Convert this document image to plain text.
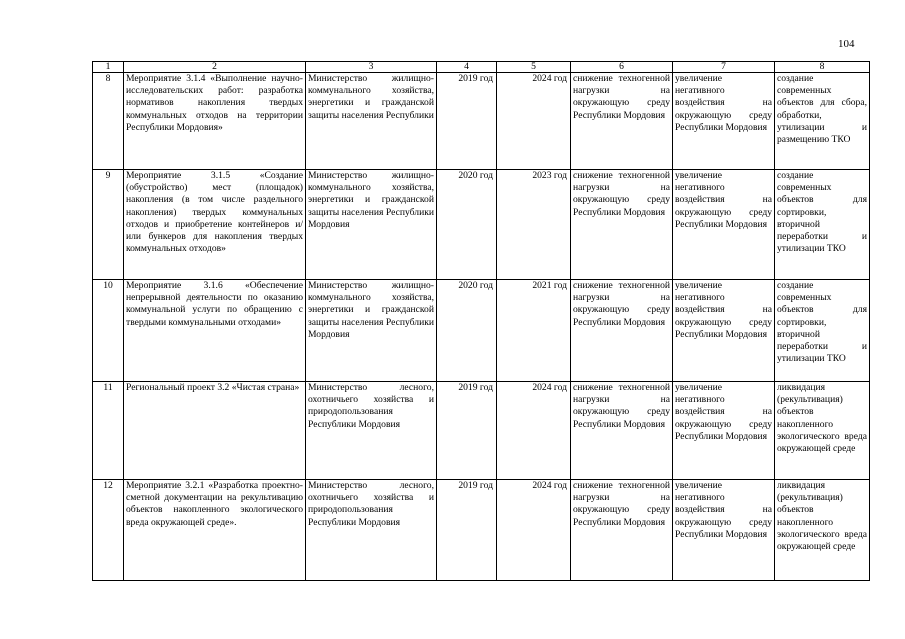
104
1	2	3	4	5	6	7	8
8	Мероприятие 3.1.4 «Выполнение научно-исследовательских работ: разработка нормативов накопления твердых коммунальных отходов на территории Республики Мордовия»	Министерство жилищно-коммунального хозяйства, энергетики и гражданской защиты населения Республики	2019 год	2024 год	снижение техногенной нагрузки на окружающую среду Республики Мордовия	увеличение негативного воздействия на окружающую среду Республики Мордовия	создание современных объектов для сбора, обработки, утилизации и размещению ТКО
9	Мероприятие 3.1.5 «Создание (обустройство) мест (площадок) накопления (в том числе раздельного накопления) твердых коммунальных отходов и приобретение контейнеров и/или бункеров для накопления твердых коммунальных отходов»	Министерство жилищно-коммунального хозяйства, энергетики и гражданской защиты населения Республики Мордовия	2020 год	2023 год	снижение техногенной нагрузки на окружающую среду Республики Мордовия	увеличение негативного воздействия на окружающую среду Республики Мордовия	создание современных объектов для сортировки, вторичной переработки и утилизации ТКО
10	Мероприятие 3.1.6 «Обеспечение непрерывной деятельности по оказанию коммунальной услуги по обращению с твердыми коммунальными отходами»	Министерство жилищно-коммунального хозяйства, энергетики и гражданской защиты населения Республики Мордовия	2020 год	2021 год	снижение техногенной нагрузки на окружающую среду Республики Мордовия	увеличение негативного воздействия на окружающую среду Республики Мордовия	создание современных объектов для сортировки, вторичной переработки и утилизации ТКО
11	Региональный проект 3.2 «Чистая страна»	Министерство лесного, охотничьего хозяйства и природопользования Республики Мордовия	2019 год	2024 год	снижение техногенной нагрузки на окружающую среду Республики Мордовия	увеличение негативного воздействия на окружающую среду Республики Мордовия	ликвидация (рекультивация) объектов накопленного экологического вреда окружающей среде
12	Мероприятие 3.2.1 «Разработка проектно-сметной документации на рекультивацию объектов накопленного экологического вреда окружающей среде».	Министерство лесного, охотничьего хозяйства и природопользования Республики Мордовия	2019 год	2024 год	снижение техногенной нагрузки на окружающую среду Республики Мордовия	увеличение негативного воздействия на окружающую среду Республики Мордовия	ликвидация (рекультивация) объектов накопленного экологического вреда окружающей среде
